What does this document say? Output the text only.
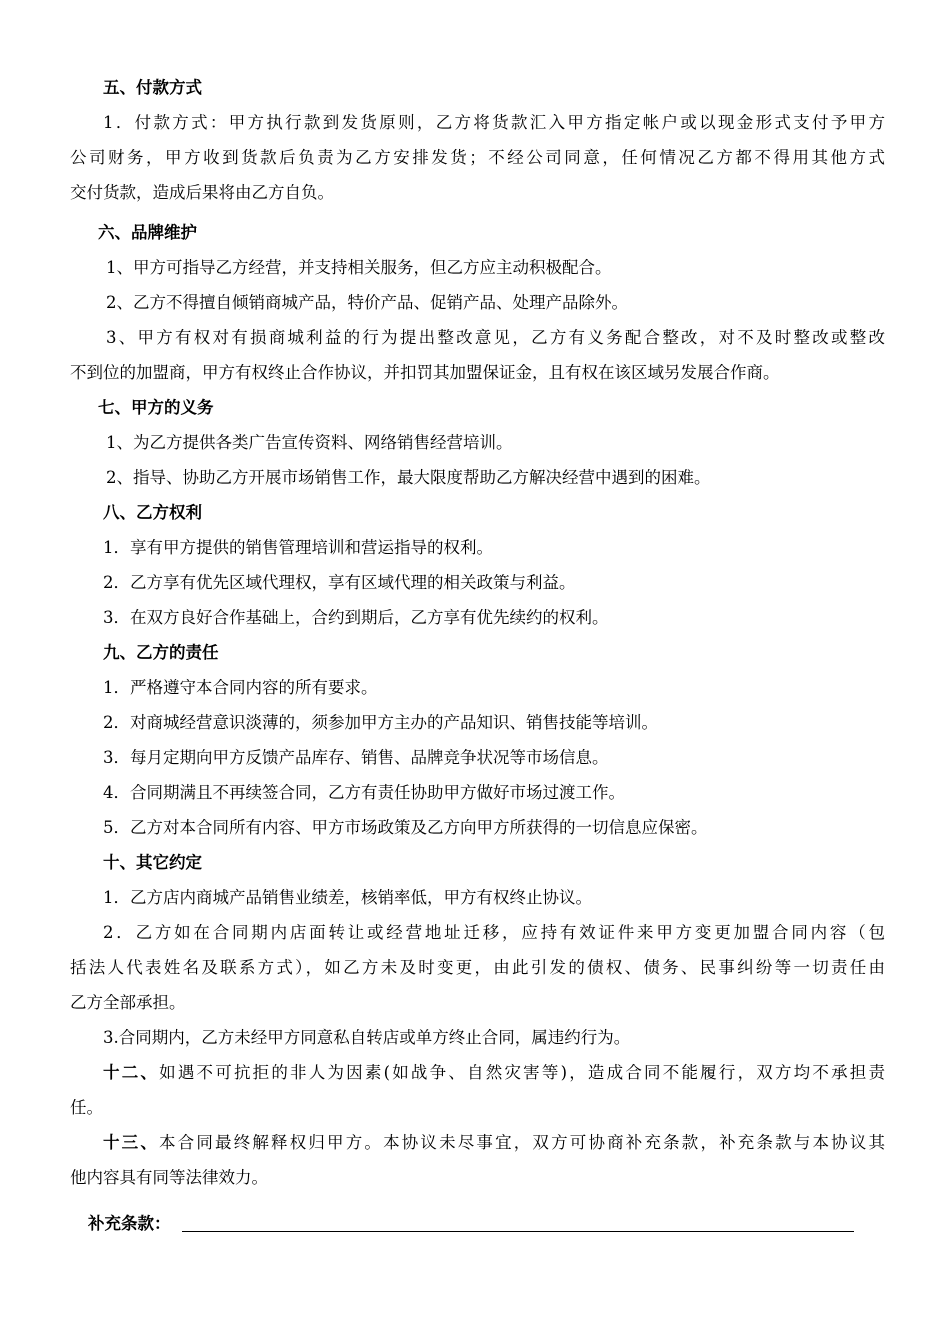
五、付款方式
1．付款方式：甲方执行款到发货原则，乙方将货款汇入甲方指定帐户或以现金形式支付予甲方
公司财务，甲方收到货款后负责为乙方安排发货；不经公司同意，任何情况乙方都不得用其他方式
交付货款，造成后果将由乙方自负。
六、品牌维护
1、甲方可指导乙方经营，并支持相关服务，但乙方应主动积极配合。
2、乙方不得擅自倾销商城产品，特价产品、促销产品、处理产品除外。
3、甲方有权对有损商城利益的行为提出整改意见，乙方有义务配合整改，对不及时整改或整改
不到位的加盟商，甲方有权终止合作协议，并扣罚其加盟保证金，且有权在该区域另发展合作商。
七、甲方的义务
1、为乙方提供各类广告宣传资料、网络销售经营培训。
2、指导、协助乙方开展市场销售工作，最大限度帮助乙方解决经营中遇到的困难。
八、乙方权利
1．享有甲方提供的销售管理培训和营运指导的权利。
2．乙方享有优先区域代理权，享有区域代理的相关政策与利益。
3．在双方良好合作基础上，合约到期后，乙方享有优先续约的权利。
九、乙方的责任
1．严格遵守本合同内容的所有要求。
2．对商城经营意识淡薄的，须参加甲方主办的产品知识、销售技能等培训。
3．每月定期向甲方反馈产品库存、销售、品牌竞争状况等市场信息。
4．合同期满且不再续签合同，乙方有责任协助甲方做好市场过渡工作。
5．乙方对本合同所有内容、甲方市场政策及乙方向甲方所获得的一切信息应保密。
十、其它约定
1．乙方店内商城产品销售业绩差，核销率低，甲方有权终止协议。
2．乙方如在合同期内店面转让或经营地址迁移，应持有效证件来甲方变更加盟合同内容（包
括法人代表姓名及联系方式），如乙方未及时变更，由此引发的债权、债务、民事纠纷等一切责任由
乙方全部承担。
3.合同期内，乙方未经甲方同意私自转店或单方终止合同，属违约行为。
十二、如遇不可抗拒的非人为因素(如战争、自然灾害等)，造成合同不能履行，双方均不承担责
任。
十三、本合同最终解释权归甲方。本协议未尽事宜，双方可协商补充条款，补充条款与本协议其
他内容具有同等法律效力。
补充条款：
